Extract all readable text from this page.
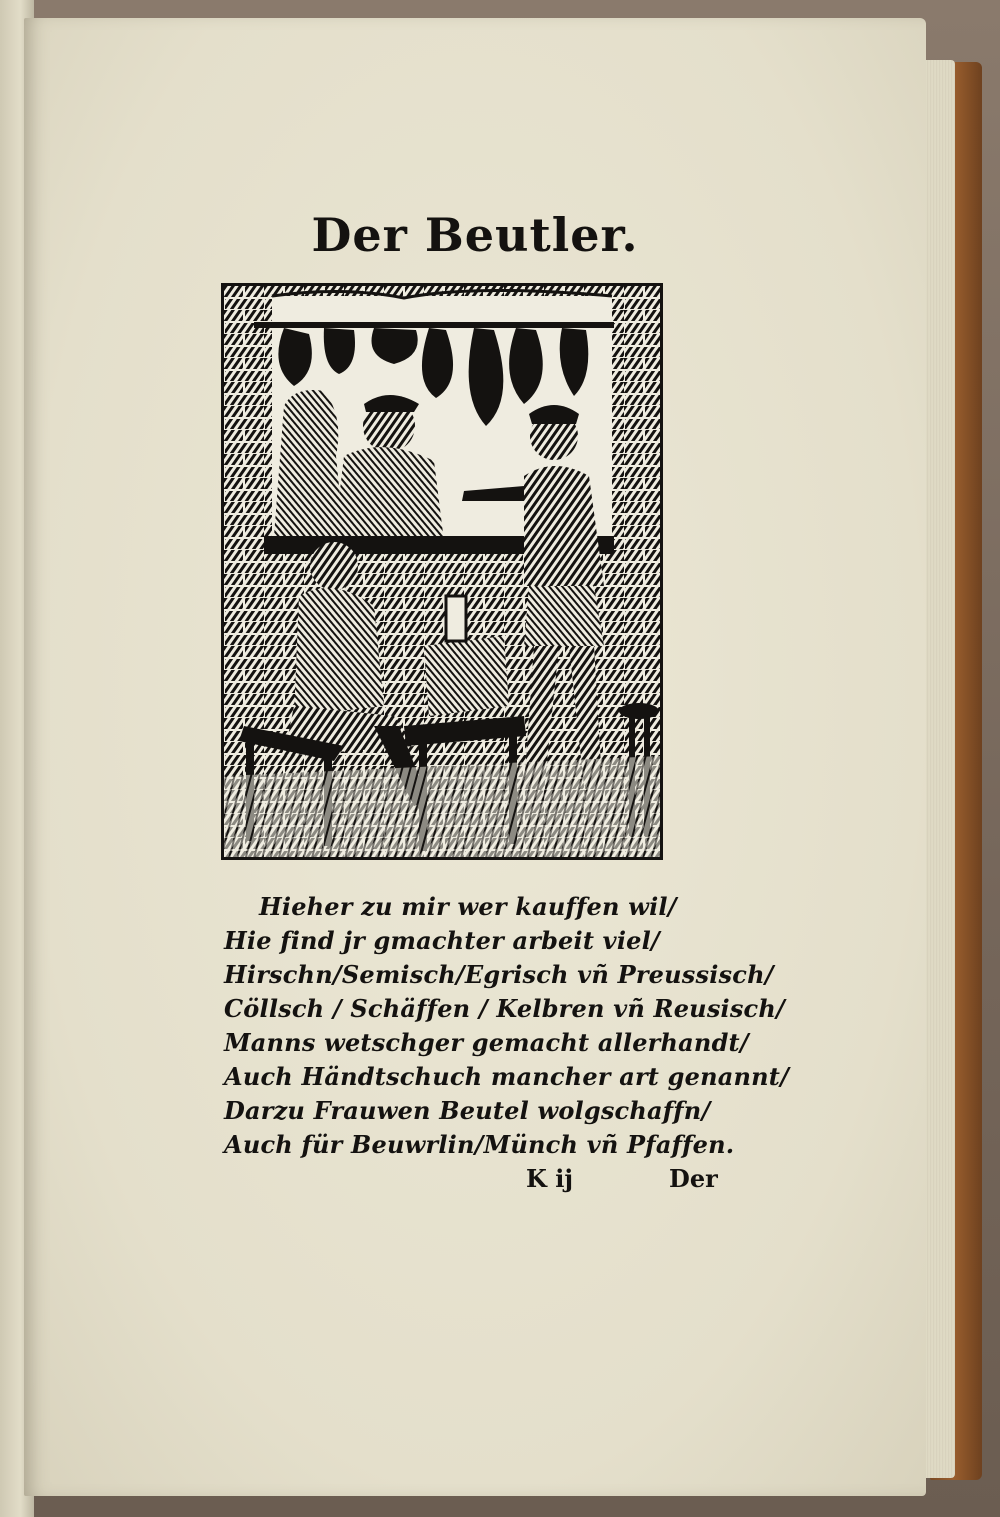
Der Beutler.
Hieher zu mir wer kauffen wil/
Hie find jr gmachter arbeit viel/
Hirschn/Semisch/Egrisch vñ Preussisch/
Cöllsch / Schäffen / Kelbren vñ Reusisch/
Manns wetschger gemacht allerhandt/
Auch Händtschuch mancher art genannt/
Darzu Frauwen Beutel wolgschaffn/
Auch für Beuwrlin/Münch vñ Pfaffen.
K ij	Der
